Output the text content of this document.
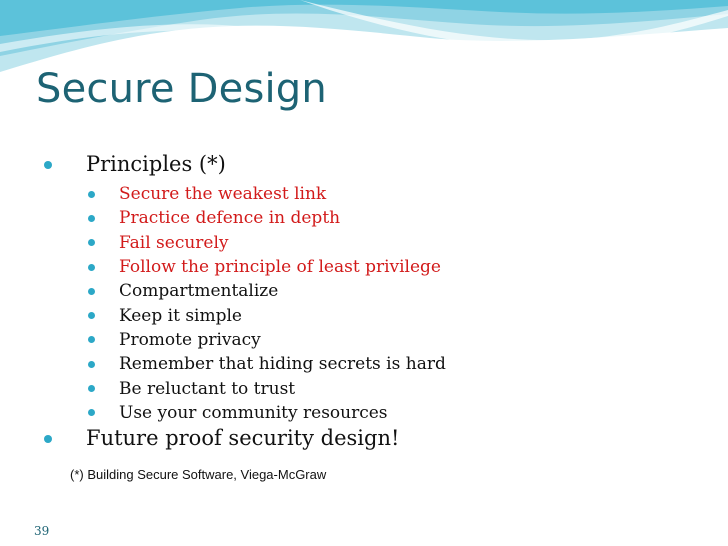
Secure Design
Principles (*)
Secure the weakest link
Practice defence in depth
Fail securely
Follow the principle of least privilege
Compartmentalize
Keep it simple
Promote privacy
Remember that hiding secrets is hard
Be reluctant to trust
Use your community resources
Future proof security design!
(*) Building Secure Software, Viega-McGraw
39
